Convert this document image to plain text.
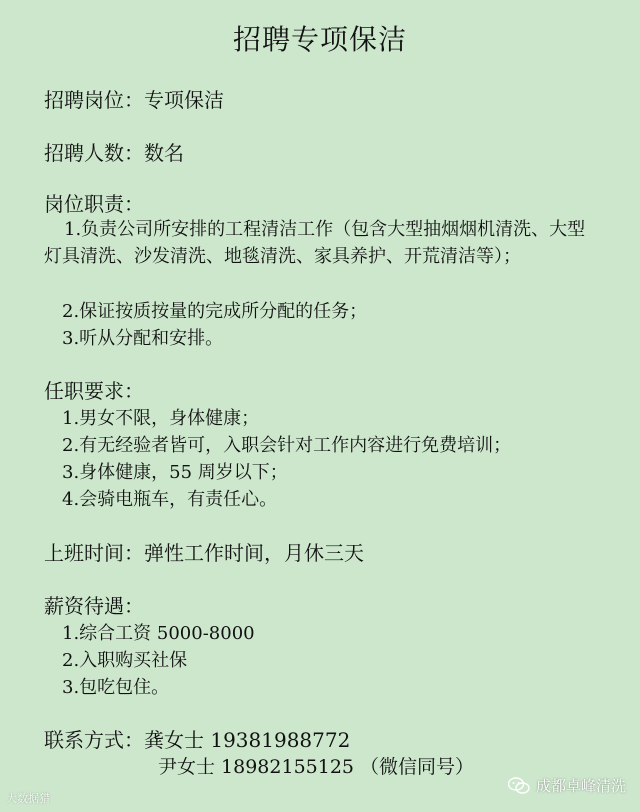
招聘专项保洁
招聘岗位：专项保洁
招聘人数：数名
岗位职责：
1.负责公司所安排的工程清洁工作（包含大型抽烟烟机清洗、大型灯具清洗、沙发清洗、地毯清洗、家具养护、开荒清洁等）；
2.保证按质按量的完成所分配的任务；
3.听从分配和安排。
任职要求：
1.男女不限，身体健康；
2.有无经验者皆可，入职会针对工作内容进行免费培训；
3.身体健康，55 周岁以下；
4.会骑电瓶车，有责任心。
上班时间：弹性工作时间，月休三天
薪资待遇：
1.综合工资 5000-8000
2.入职购买社保
3.包吃包住。
联系方式：龚女士 19381988772
尹女士 18982155125 （微信同号）
大数据猎
成都卓峰清洗
